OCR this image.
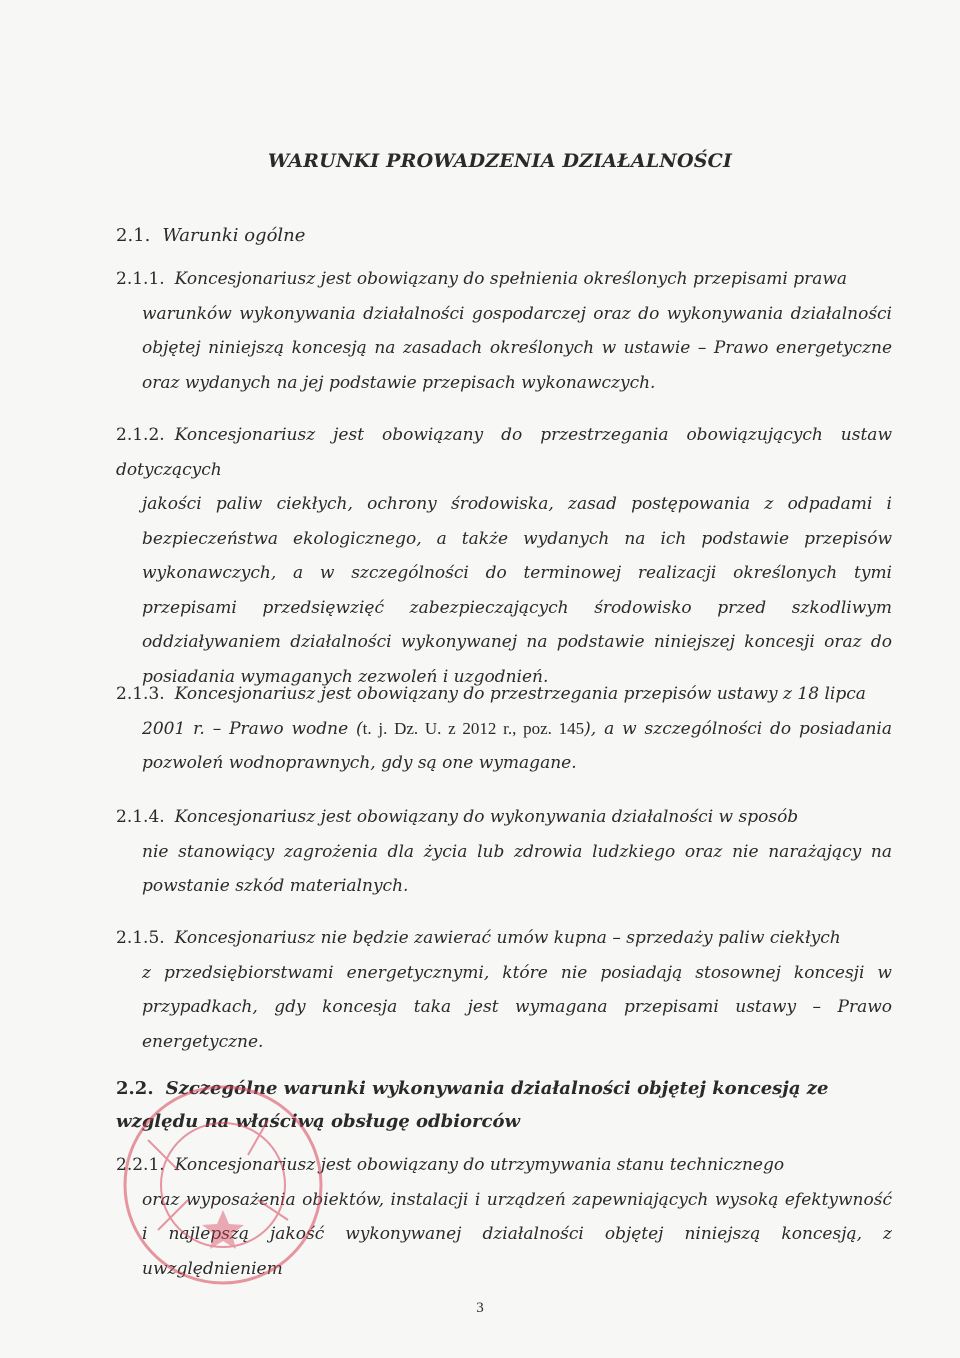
WARUNKI PROWADZENIA DZIAŁALNOŚCI
2.1. Warunki ogólne

2.1.1. Koncesjonariusz jest obowiązany do spełnienia określonych przepisami prawa

warunków wykonywania działalności gospodarczej oraz do wykonywania działalności objętej niniejszą koncesją na zasadach określonych w ustawie – Prawo energetyczne oraz wydanych na jej podstawie przepisach wykonawczych.

2.1.2. Koncesjonariusz jest obowiązany do przestrzegania obowiązujących ustaw dotyczących

jakości paliw ciekłych, ochrony środowiska, zasad postępowania z odpadami i bezpieczeństwa ekologicznego, a także wydanych na ich podstawie przepisów wykonawczych, a w szczególności do terminowej realizacji określonych tymi przepisami przedsięwzięć zabezpieczających środowisko przed szkodliwym oddziaływaniem działalności wykonywanej na podstawie niniejszej koncesji oraz do posiadania wymaganych zezwoleń i uzgodnień.

2.1.3. Koncesjonariusz jest obowiązany do przestrzegania przepisów ustawy z 18 lipca

2001 r. – Prawo wodne (t. j. Dz. U. z 2012 r., poz. 145), a w szczególności do posiadania pozwoleń wodnoprawnych, gdy są one wymagane.

2.1.4. Koncesjonariusz jest obowiązany do wykonywania działalności w sposób

nie stanowiący zagrożenia dla życia lub zdrowia ludzkiego oraz nie narażający na powstanie szkód materialnych.

2.1.5. Koncesjonariusz nie będzie zawierać umów kupna – sprzedaży paliw ciekłych

z przedsiębiorstwami energetycznymi, które nie posiadają stosownej koncesji w przypadkach, gdy koncesja taka jest wymagana przepisami ustawy – Prawo energetyczne.

2.2. Szczególne warunki wykonywania działalności objętej koncesją ze względu na właściwą obsługę odbiorców

2.2.1. Koncesjonariusz jest obowiązany do utrzymywania stanu technicznego

oraz wyposażenia obiektów, instalacji i urządzeń zapewniających wysoką efektywność i najlepszą jakość wykonywanej działalności objętej niniejszą koncesją, z uwzględnieniem

3
